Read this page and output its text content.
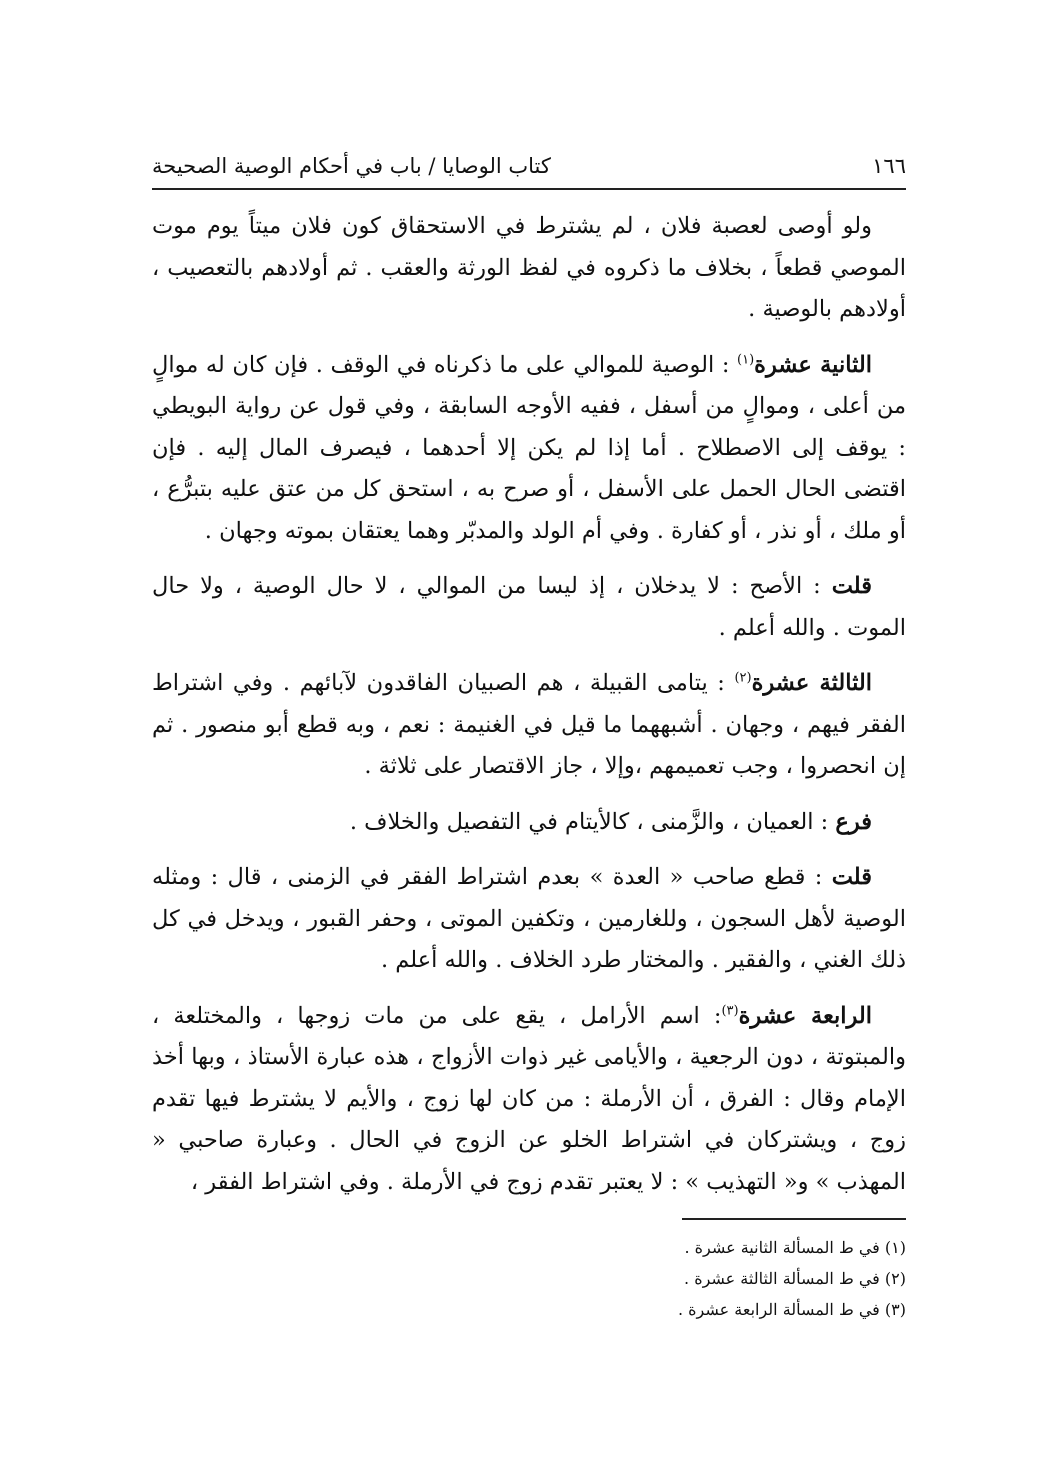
١٦٦
كتاب الوصايا / باب في أحكام الوصية الصحيحة

ولو أوصى لعصبة فلان ، لم يشترط في الاستحقاق كون فلان ميتاً يوم موت الموصي قطعاً ، بخلاف ما ذكروه في لفظ الورثة والعقب . ثم أولادهم بالتعصيب ، أولادهم بالوصية .

الثانية عشرة$^{(١)}$ : الوصية للموالي على ما ذكرناه في الوقف . فإن كان له موالٍ من أعلى ، وموالٍ من أسفل ، ففيه الأوجه السابقة ، وفي قول عن رواية البويطي : يوقف إلى الاصطلاح . أما إذا لم يكن إلا أحدهما ، فيصرف المال إليه . فإن اقتضى الحال الحمل على الأسفل ، أو صرح به ، استحق كل من عتق عليه بتبرُّع ، أو ملك ، أو نذر ، أو كفارة . وفي أم الولد والمدبّر وهما يعتقان بموته وجهان .

قلت : الأصح : لا يدخلان ، إذ ليسا من الموالي ، لا حال الوصية ، ولا حال الموت . والله أعلم .

الثالثة عشرة$^{(٢)}$ : يتامى القبيلة ، هم الصبيان الفاقدون لآبائهم . وفي اشتراط الفقر فيهم ، وجهان . أشبههما ما قيل في الغنيمة : نعم ، وبه قطع أبو منصور . ثم إن انحصروا ، وجب تعميمهم ،وإلا ، جاز الاقتصار على ثلاثة .

فرع : العميان ، والزَّمنى ، كالأيتام في التفصيل والخلاف .

قلت : قطع صاحب « العدة » بعدم اشتراط الفقر في الزمنى ، قال : ومثله الوصية لأهل السجون ، وللغارمين ، وتكفين الموتى ، وحفر القبور ، ويدخل في كل ذلك الغني ، والفقير . والمختار طرد الخلاف . والله أعلم .

الرابعة عشرة$^{(٣)}$: اسم الأرامل ، يقع على من مات زوجها ، والمختلعة ، والمبتوتة ، دون الرجعية ، والأيامى غير ذوات الأزواج ، هذه عبارة الأستاذ ، وبها أخذ الإمام وقال : الفرق ، أن الأرملة : من كان لها زوج ، والأيم لا يشترط فيها تقدم زوج ، ويشتركان في اشتراط الخلو عن الزوج في الحال . وعبارة صاحبي « المهذب » و« التهذيب » : لا يعتبر تقدم زوج في الأرملة . وفي اشتراط الفقر ،

(١) في ط المسألة الثانية عشرة .
(٢) في ط المسألة الثالثة عشرة .
(٣) في ط المسألة الرابعة عشرة .
